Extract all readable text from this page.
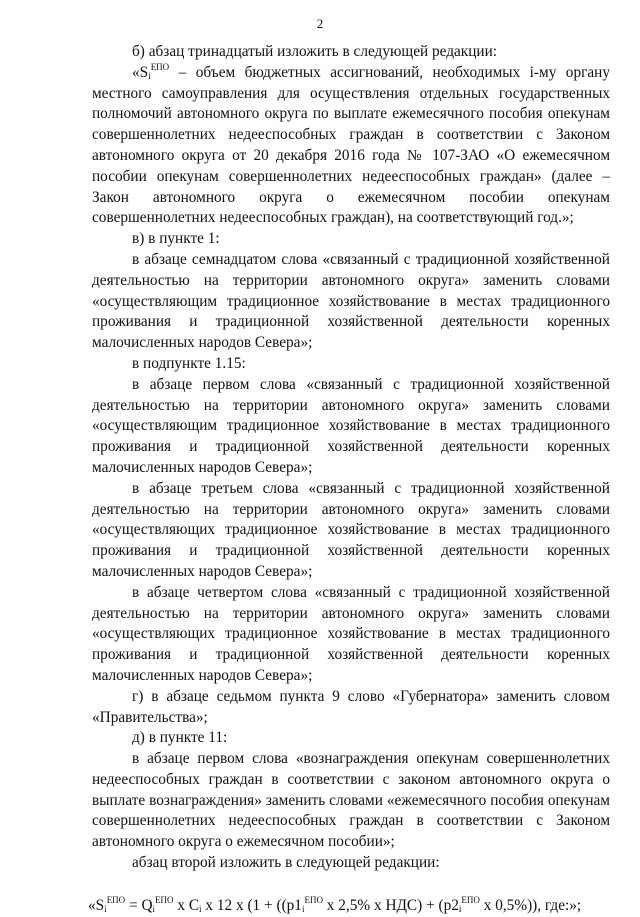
2

б) абзац тринадцатый изложить в следующей редакции:

«$S_i^{ЕПО}$ – объем бюджетных ассигнований, необходимых i-му органу местного самоуправления для осуществления отдельных государственных полномочий автономного округа по выплате ежемесячного пособия опекунам совершеннолетних недееспособных граждан в соответствии с Законом автономного округа от 20 декабря 2016 года № 107-ЗАО «О ежемесячном пособии опекунам совершеннолетних недееспособных граждан» (далее – Закон автономного округа о ежемесячном пособии опекунам совершеннолетних недееспособных граждан), на соответствующий год.»;

в) в пункте 1:

в абзаце семнадцатом слова «связанный с традиционной хозяйственной деятельностью на территории автономного округа» заменить словами «осуществляющим традиционное хозяйствование в местах традиционного проживания и традиционной хозяйственной деятельности коренных малочисленных народов Севера»;

в подпункте 1.15:

в абзаце первом слова «связанный с традиционной хозяйственной деятельностью на территории автономного округа» заменить словами «осуществляющим традиционное хозяйствование в местах традиционного проживания и традиционной хозяйственной деятельности коренных малочисленных народов Севера»;

в абзаце третьем слова «связанный с традиционной хозяйственной деятельностью на территории автономного округа» заменить словами «осуществляющих традиционное хозяйствование в местах традиционного проживания и традиционной хозяйственной деятельности коренных малочисленных народов Севера»;

в абзаце четвертом слова «связанный с традиционной хозяйственной деятельностью на территории автономного округа» заменить словами «осуществляющих традиционное хозяйствование в местах традиционного проживания и традиционной хозяйственной деятельности коренных малочисленных народов Севера»;

г) в абзаце седьмом пункта 9 слово «Губернатора» заменить словом «Правительства»;

д) в пункте 11:

в абзаце первом слова «вознаграждения опекунам совершеннолетних недееспособных граждан в соответствии с законом автономного округа о выплате вознаграждения» заменить словами «ежемесячного пособия опекунам совершеннолетних недееспособных граждан в соответствии с Законом автономного округа о ежемесячном пособии»;

абзац второй изложить в следующей редакции:

«$S_i^{ЕПО} = Q_i^{ЕПО}$ x $C_i$ x 12 x ($1 + ((p1_i^{ЕПО}$ x 2,5% x $НДС) + (p2_i^{ЕПО}$ x 0,5%)), где:»;
